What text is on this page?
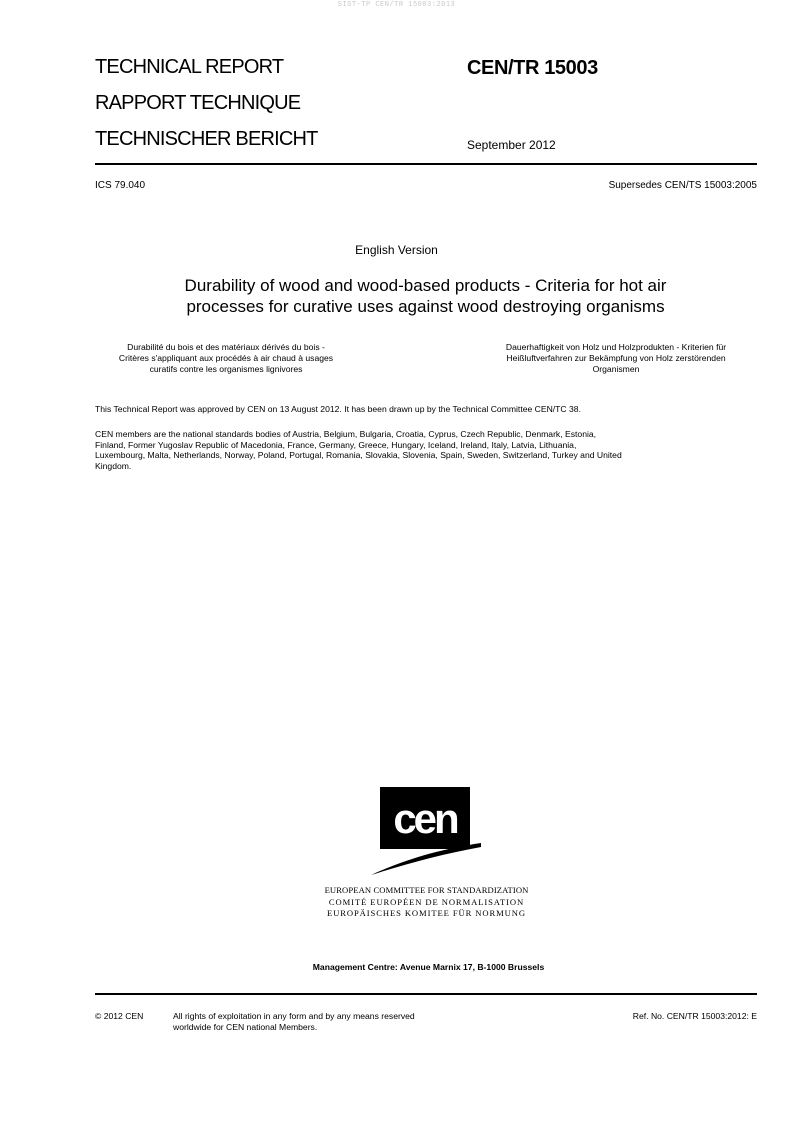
SIST-TP CEN/TR 15003:2013
TECHNICAL REPORT
RAPPORT TECHNIQUE
TECHNISCHER BERICHT
CEN/TR 15003
September 2012
ICS 79.040	Supersedes CEN/TS 15003:2005
English Version
Durability of wood and wood-based products - Criteria for hot air
processes for curative uses against wood destroying organisms
Durabilité du bois et des matériaux dérivés du bois -
Critères s'appliquant aux procédés à air chaud à usages
curatifs contre les organismes lignivores
Dauerhaftigkeit von Holz und Holzprodukten - Kriterien für
Heißluftverfahren zur Bekämpfung von Holz zerstörenden
Organismen
This Technical Report was approved by CEN on 13 August 2012. It has been drawn up by the Technical Committee CEN/TC 38.
CEN members are the national standards bodies of Austria, Belgium, Bulgaria, Croatia, Cyprus, Czech Republic, Denmark, Estonia,
Finland, Former Yugoslav Republic of Macedonia, France, Germany, Greece, Hungary, Iceland, Ireland, Italy, Latvia, Lithuania,
Luxembourg, Malta, Netherlands, Norway, Poland, Portugal, Romania, Slovakia, Slovenia, Spain, Sweden, Switzerland, Turkey and United
Kingdom.
cen
EUROPEAN COMMITTEE FOR STANDARDIZATION
COMITÉ EUROPÉEN DE NORMALISATION
EUROPÄISCHES KOMITEE FÜR NORMUNG
Management Centre: Avenue Marnix 17, B-1000 Brussels
© 2012 CEN	All rights of exploitation in any form and by any means reserved
worldwide for CEN national Members.
Ref. No. CEN/TR 15003:2012: E
